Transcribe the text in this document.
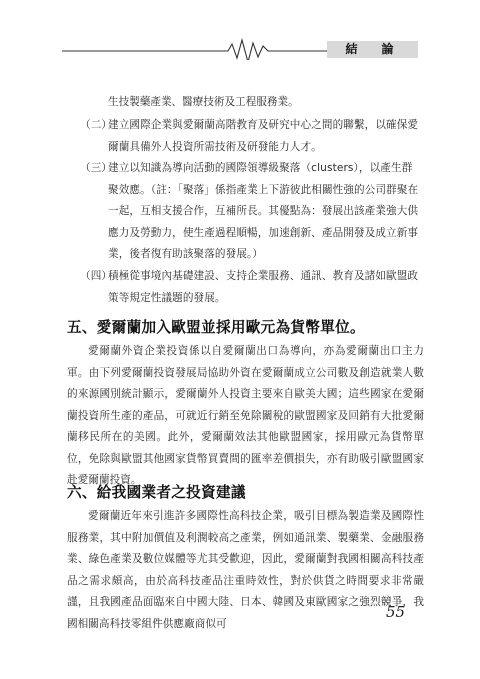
結　論
生技製藥產業、醫療技術及工程服務業。
（二）
建立國際企業與愛爾蘭高階教育及研究中心之間的聯繫，以確保愛爾蘭具備外人投資所需技術及研發能力人才。
（三）
建立以知識為導向活動的國際領導級聚落（clusters），以產生群聚效應。（註：「聚落」係指產業上下游彼此相關性強的公司群聚在一起，互相支援合作，互補所長。其優點為：發展出該產業強大供應力及勞動力，使生產過程順暢，加速創新、產品開發及成立新事業，後者復有助該聚落的發展。）
（四）
積極從事境內基礎建設、支持企業服務、通訊、教育及諸如歐盟政策等規定性議題的發展。
五、愛爾蘭加入歐盟並採用歐元為貨幣單位。
愛爾蘭外資企業投資係以自愛爾蘭出口為導向，亦為愛爾蘭出口主力軍。由下列愛爾蘭投資發展局協助外資在愛爾蘭成立公司數及創造就業人數的來源國別統計顯示，愛爾蘭外人投資主要來自歐美大國；這些國家在愛爾蘭投資所生產的產品，可就近行銷至免除關稅的歐盟國家及回銷有大批愛爾蘭移民所在的美國。此外，愛爾蘭效法其他歐盟國家，採用歐元為貨幣單位，免除與歐盟其他國家貨幣買賣間的匯率差價損失，亦有助吸引歐盟國家赴愛爾蘭投資。
六、給我國業者之投資建議
愛爾蘭近年來引進許多國際性高科技企業，吸引目標為製造業及國際性服務業，其中附加價值及利潤較高之產業，例如通訊業、製藥業、金融服務業、綠色產業及數位媒體等尤其受歡迎，因此，愛爾蘭對我國相關高科技產品之需求頗高，由於高科技產品注重時效性，對於供貨之時間要求非常嚴謹，且我國產品面臨來自中國大陸、日本、韓國及東歐國家之強烈競爭，我國相關高科技零組件供應廠商似可
55
